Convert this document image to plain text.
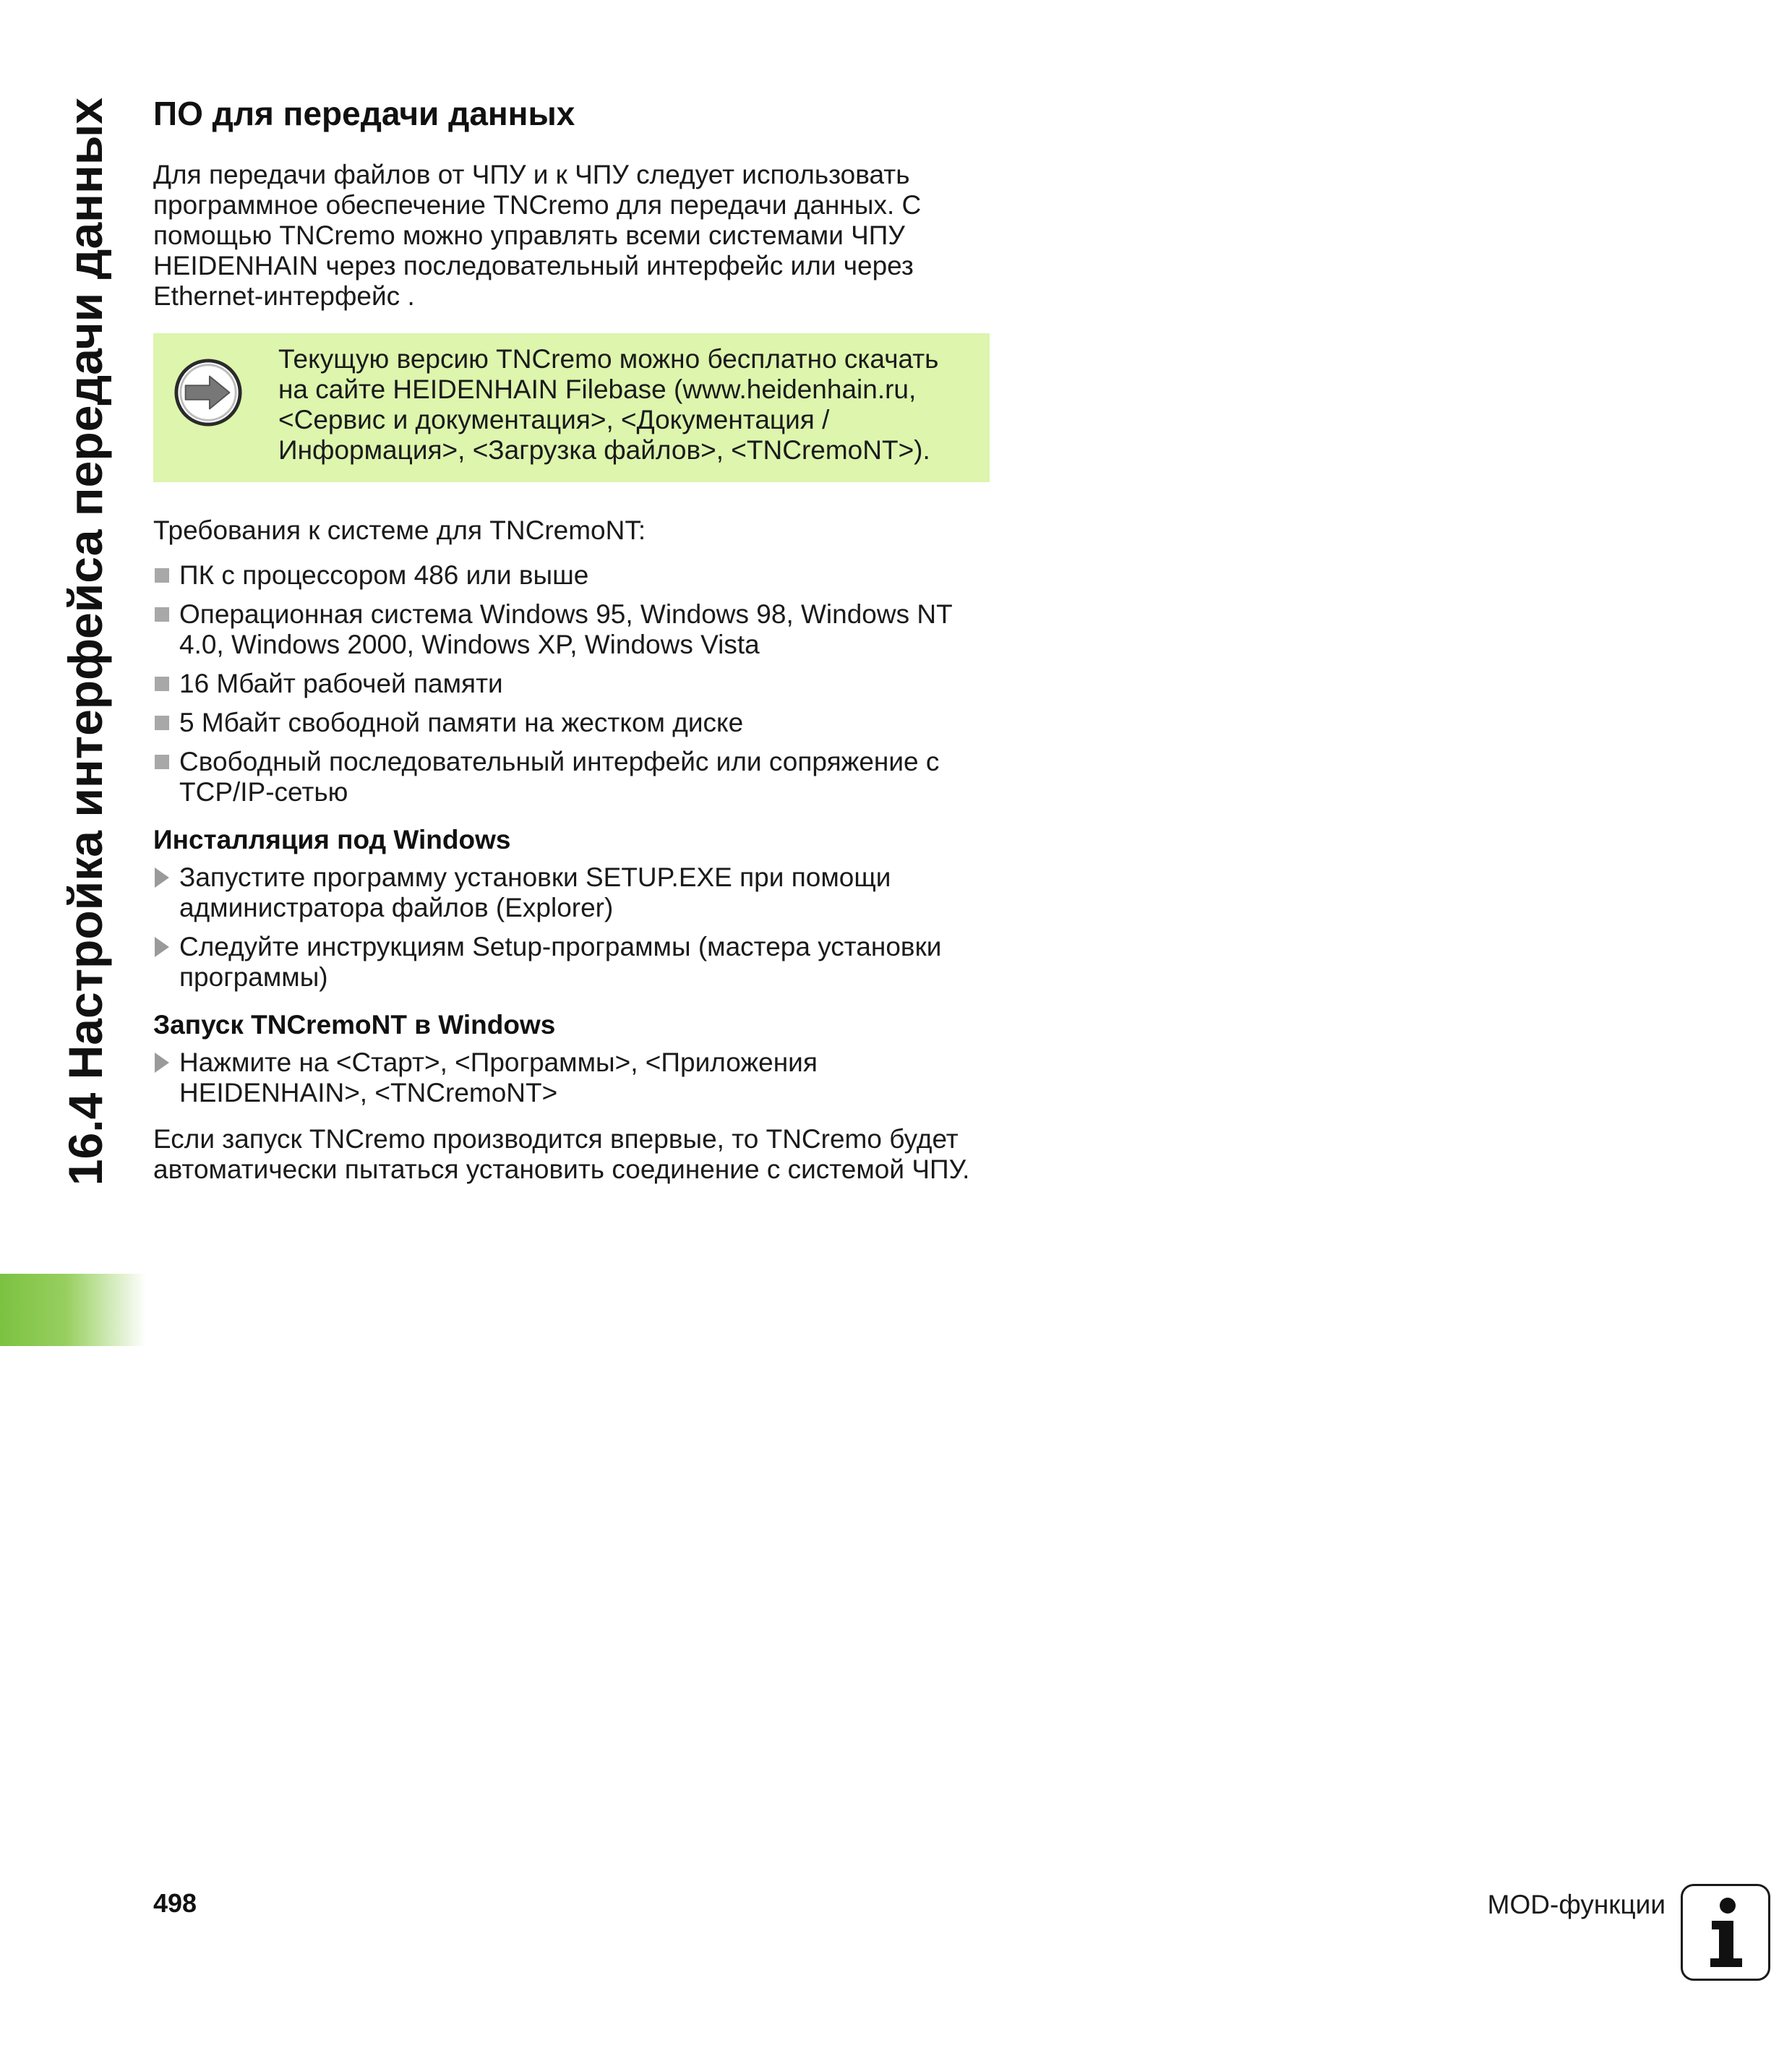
16.4 Настройка интерфейса передачи данных ПО для передачи данных

Для передачи файлов от ЧПУ и к ЧПУ следует использовать программное обеспечение TNCremo для передачи данных. С помощью TNCremo можно управлять всеми системами ЧПУ HEIDENHAIN через последовательный интерфейс или через Ethernet-интерфейс .

Текущую версию TNCremo можно бесплатно скачать
на сайте HEIDENHAIN Filebase (www.heidenhain.ru,
<Сервис и документация>, <Документация /
Информация>, <Загрузка файлов>, <TNCremoNT>).

Требования к системе для TNCremoNT:

ПК с процессором 486 или выше
Операционная система Windows 95, Windows 98, Windows NT 4.0, Windows 2000, Windows XP, Windows Vista
16 Мбайт рабочей памяти
5 Мбайт свободной памяти на жестком диске
Свободный последовательный интерфейс или сопряжение с TCP/IP-сетью
Инсталляция под Windows
Запустите программу установки SETUP.EXE при помощи администратора файлов (Explorer)
Следуйте инструкциям Setup-программы (мастера установки программы)
Запуск TNCremoNT в Windows
Нажмите на <Старт>, <Программы>, <Приложения HEIDENHAIN>, <TNCremoNT>

Если запуск TNCremo производится впервые, то TNCremo будет автоматически пытаться установить соединение с системой ЧПУ.

498	MOD-функции
